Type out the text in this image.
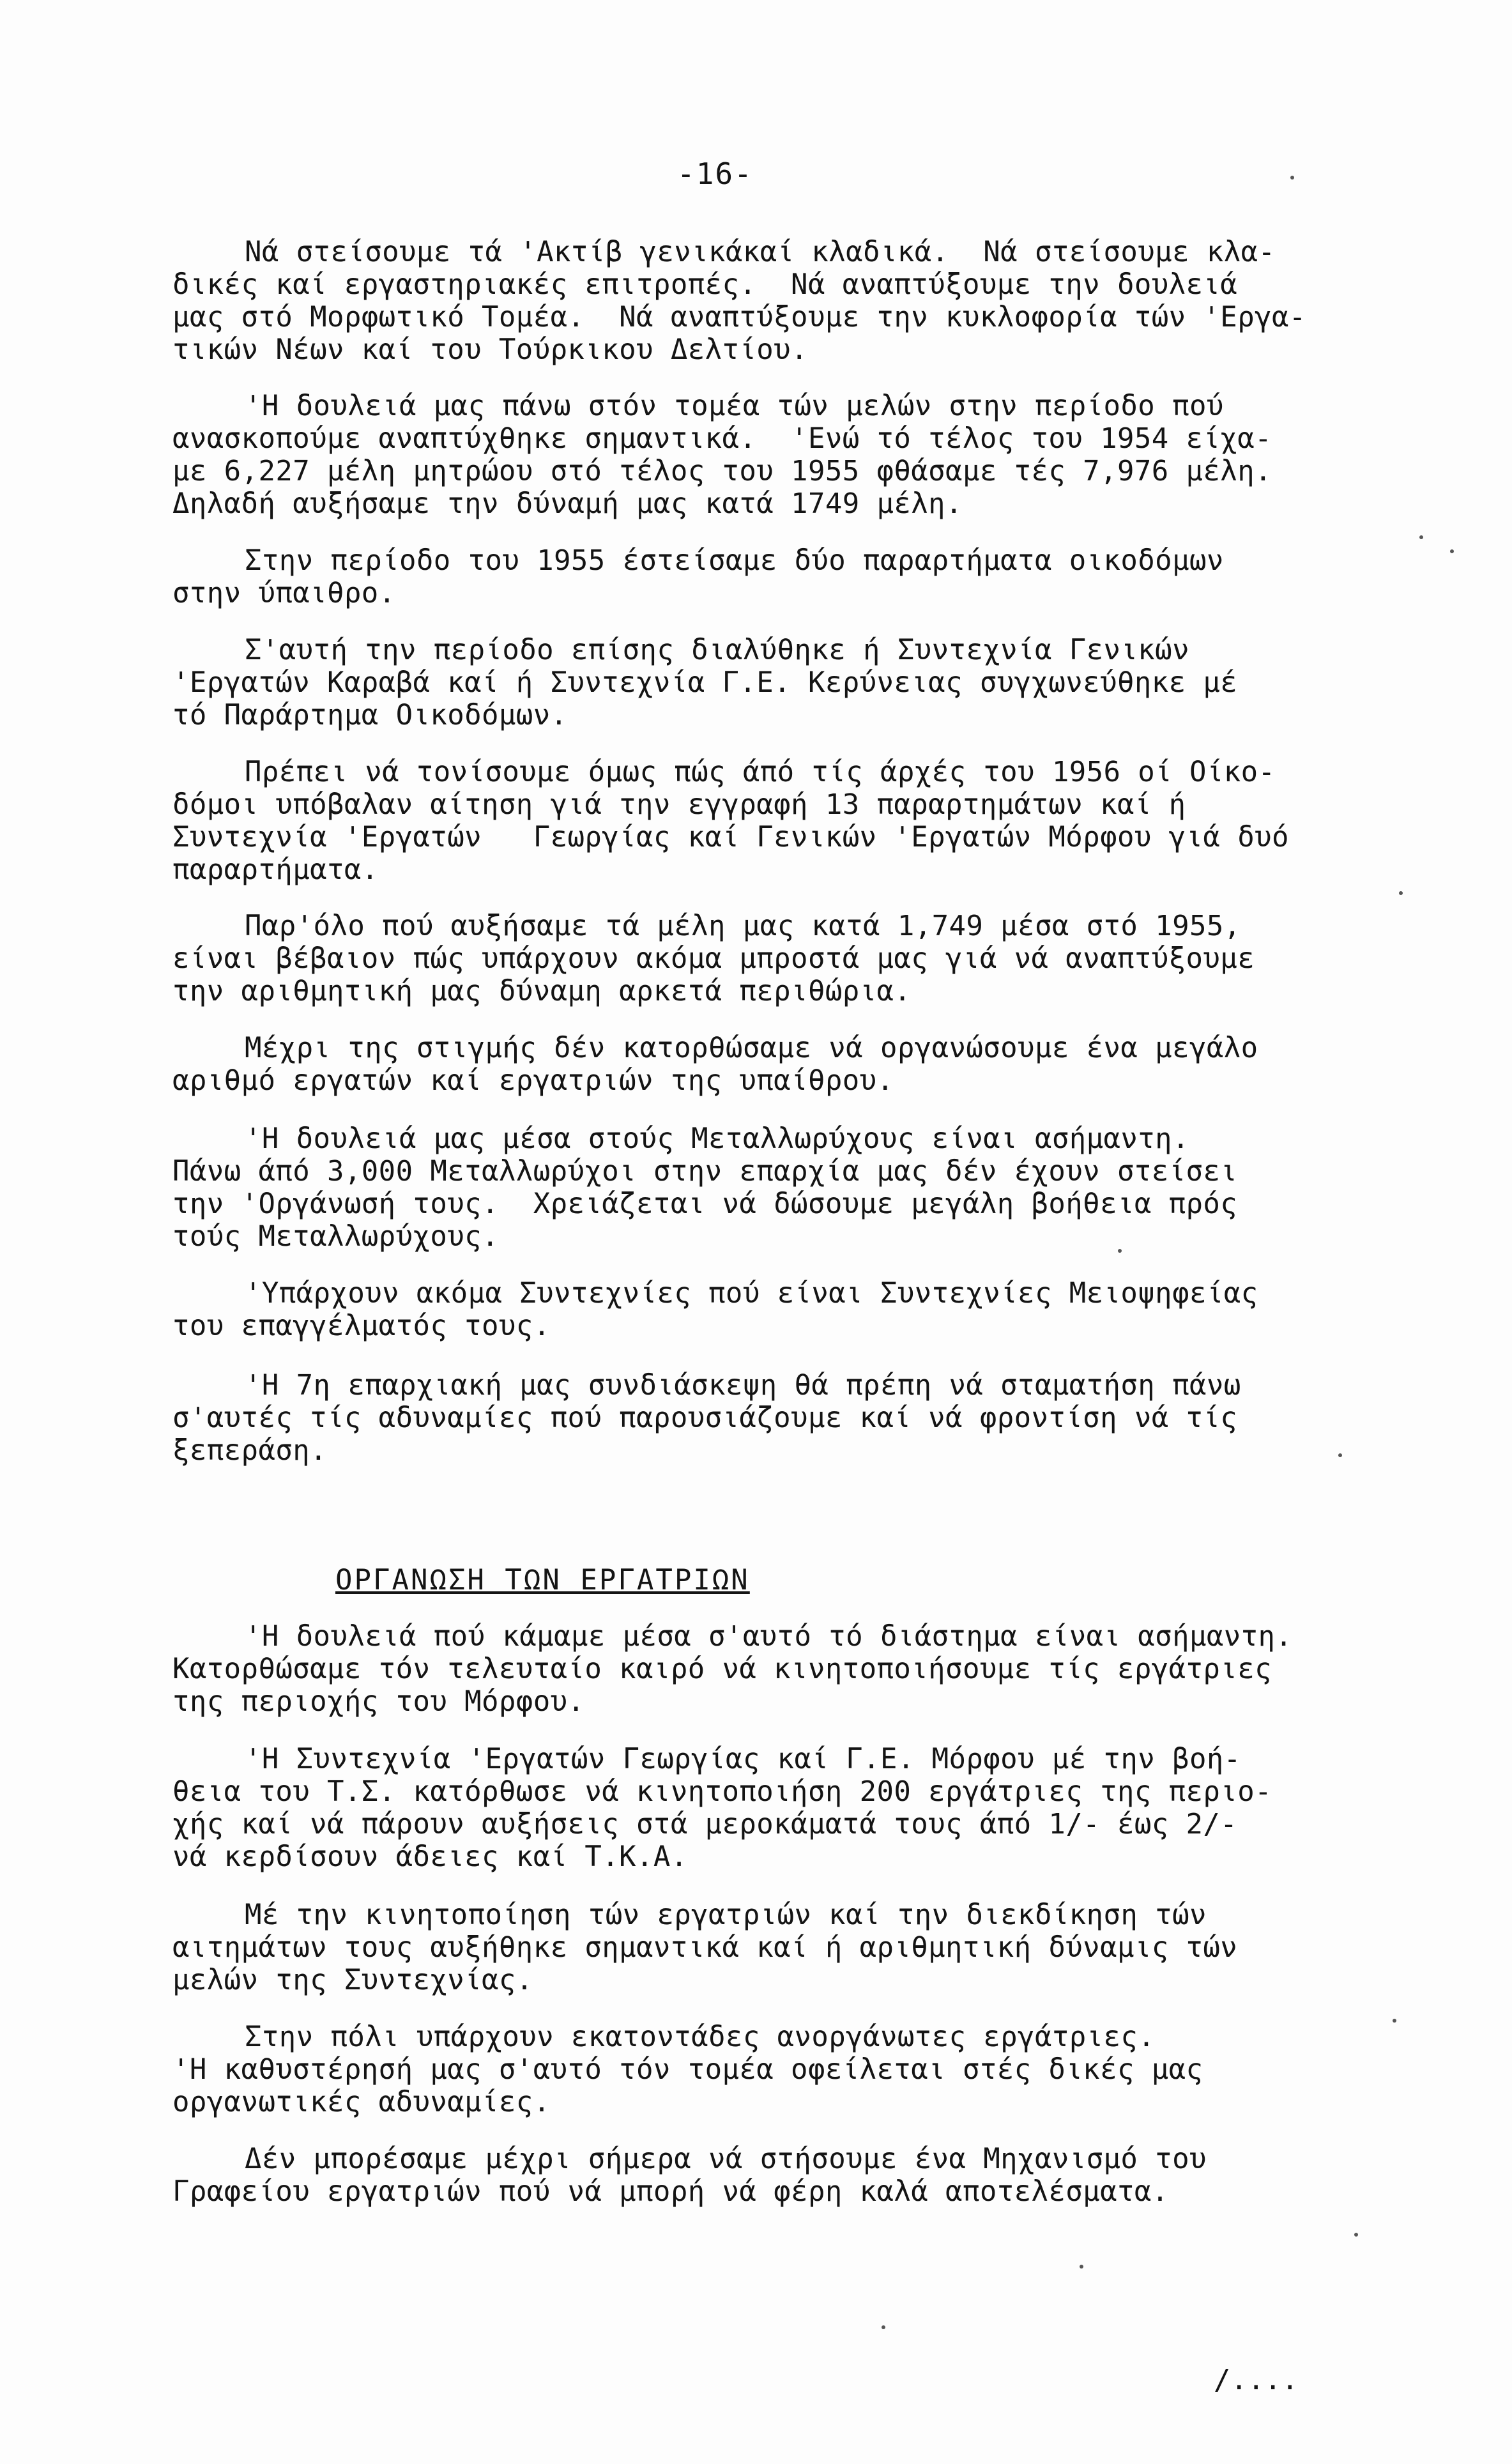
-16-
Νά στείσουμε τά 'Ακτίβ γενικάκαί κλαδικά.  Νά στείσουμε κλα-
δικές καί εργαστηριακές επιτροπές.  Νά αναπτύξουμε την δουλειά
μας στό Μορφωτικό Τομέα.  Νά αναπτύξουμε την κυκλοφορία τών 'Εργα-
τικών Νέων καί του Τούρκικου Δελτίου.
'Η δουλειά μας πάνω στόν τομέα τών μελών στην περίοδο πού
ανασκοπούμε αναπτύχθηκε σημαντικά.  'Ενώ τό τέλος του 1954 είχα-
με 6,227 μέλη μητρώου στό τέλος του 1955 φθάσαμε τές 7,976 μέλη.
Δηλαδή αυξήσαμε την δύναμή μας κατά 1749 μέλη.
Στην περίοδο του 1955 έστείσαμε δύο παραρτήματα οικοδόμων
στην ύπαιθρο.
Σ'αυτή την περίοδο επίσης διαλύθηκε ή Συντεχνία Γενικών
'Εργατών Καραβά καί ή Συντεχνία Γ.Ε. Κερύνειας συγχωνεύθηκε μέ
τό Παράρτημα Οικοδόμων.
Πρέπει νά τονίσουμε όμως πώς άπό τίς άρχές του 1956 οί Οίκο-
δόμοι υπόβαλαν αίτηση γιά την εγγραφή 13 παραρτημάτων καί ή
Συντεχνία 'Εργατών   Γεωργίας καί Γενικών 'Εργατών Μόρφου γιά δυό
παραρτήματα.
Παρ'όλο πού αυξήσαμε τά μέλη μας κατά 1,749 μέσα στό 1955,
είναι βέβαιον πώς υπάρχουν ακόμα μπροστά μας γιά νά αναπτύξουμε
την αριθμητική μας δύναμη αρκετά περιθώρια.
Μέχρι της στιγμής δέν κατορθώσαμε νά οργανώσουμε ένα μεγάλο
αριθμό εργατών καί εργατριών της υπαίθρου.
'Η δουλειά μας μέσα στούς Μεταλλωρύχους είναι ασήμαντη.
Πάνω άπό 3,000 Μεταλλωρύχοι στην επαρχία μας δέν έχουν στείσει
την 'Οργάνωσή τους.  Χρειάζεται νά δώσουμε μεγάλη βοήθεια πρός
τούς Μεταλλωρύχους.
'Υπάρχουν ακόμα Συντεχνίες πού είναι Συντεχνίες Μειοψηφείας
του επαγγέλματός τους.
'Η 7η επαρχιακή μας συνδιάσκεψη θά πρέπη νά σταματήση πάνω
σ'αυτές τίς αδυναμίες πού παρουσιάζουμε καί νά φροντίση νά τίς
ξεπεράση.
ΟΡΓΑΝΩΣΗ ΤΩΝ ΕΡΓΑΤΡΙΩΝ
'Η δουλειά πού κάμαμε μέσα σ'αυτό τό διάστημα είναι ασήμαντη.
Κατορθώσαμε τόν τελευταίο καιρό νά κινητοποιήσουμε τίς εργάτριες
της περιοχής του Μόρφου.
'Η Συντεχνία 'Εργατών Γεωργίας καί Γ.Ε. Μόρφου μέ την βοή-
θεια του Τ.Σ. κατόρθωσε νά κινητοποιήση 200 εργάτριες της περιο-
χής καί νά πάρουν αυξήσεις στά μεροκάματά τους άπό 1/- έως 2/-
νά κερδίσουν άδειες καί Τ.Κ.Α.
Μέ την κινητοποίηση τών εργατριών καί την διεκδίκηση τών
αιτημάτων τους αυξήθηκε σημαντικά καί ή αριθμητική δύναμις τών
μελών της Συντεχνίας.
Στην πόλι υπάρχουν εκατοντάδες ανοργάνωτες εργάτριες.
'Η καθυστέρησή μας σ'αυτό τόν τομέα οφείλεται στές δικές μας
οργανωτικές αδυναμίες.
Δέν μπορέσαμε μέχρι σήμερα νά στήσουμε ένα Μηχανισμό του
Γραφείου εργατριών πού νά μπορή νά φέρη καλά αποτελέσματα.
/....
